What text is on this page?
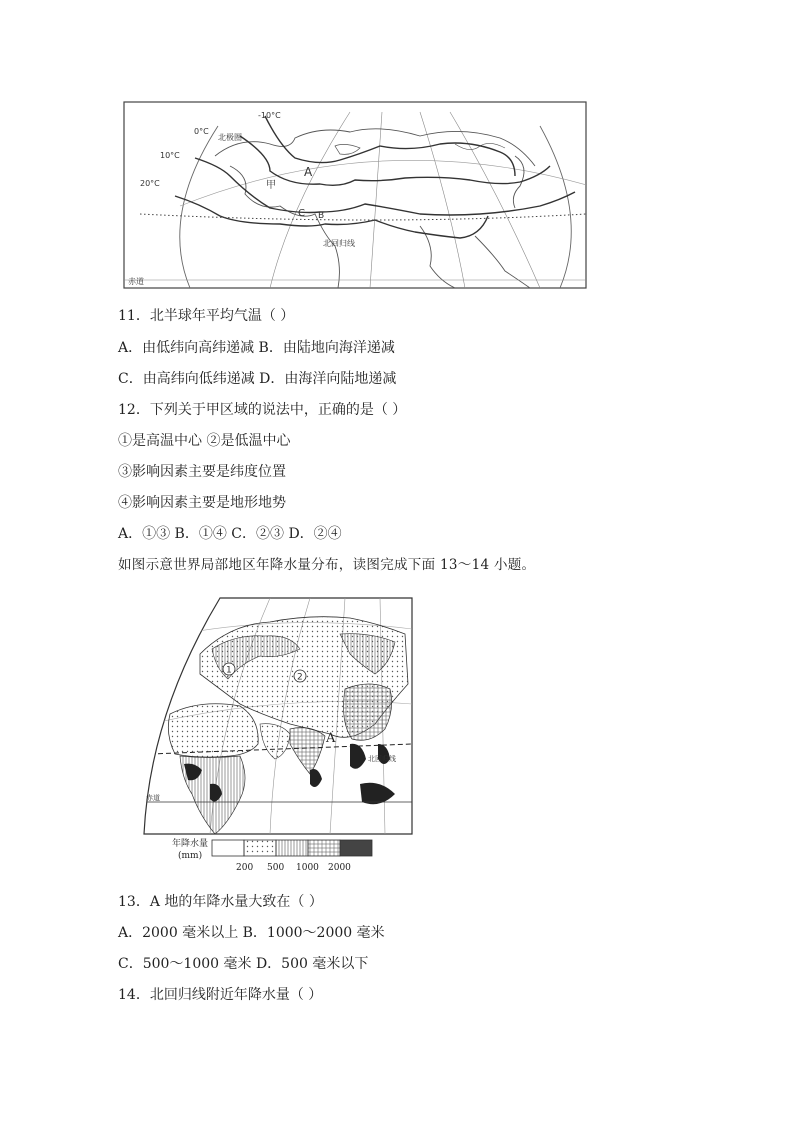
-10°C
0°C
10°C
20°C
北极圈
北回归线
赤道
A
甲
C B
11．北半球年平均气温（ ）
A．由低纬向高纬递减 B．由陆地向海洋递减
C．由高纬向低纬递减 D．由海洋向陆地递减
12．下列关于甲区域的说法中，正确的是（ ）
①是高温中心 ②是低温中心
③影响因素主要是纬度位置
④影响因素主要是地形地势
A．①③ B．①④ C．②③ D．②④
如图示意世界局部地区年降水量分布，读图完成下面 13～14 小题。
1
2
A
北回归线
赤道
年降水量
(mm)
200 500 1000 2000
13．A 地的年降水量大致在（ ）
A．2000 毫米以上 B．1000～2000 毫米
C．500～1000 毫米 D．500 毫米以下
14．北回归线附近年降水量（ ）
